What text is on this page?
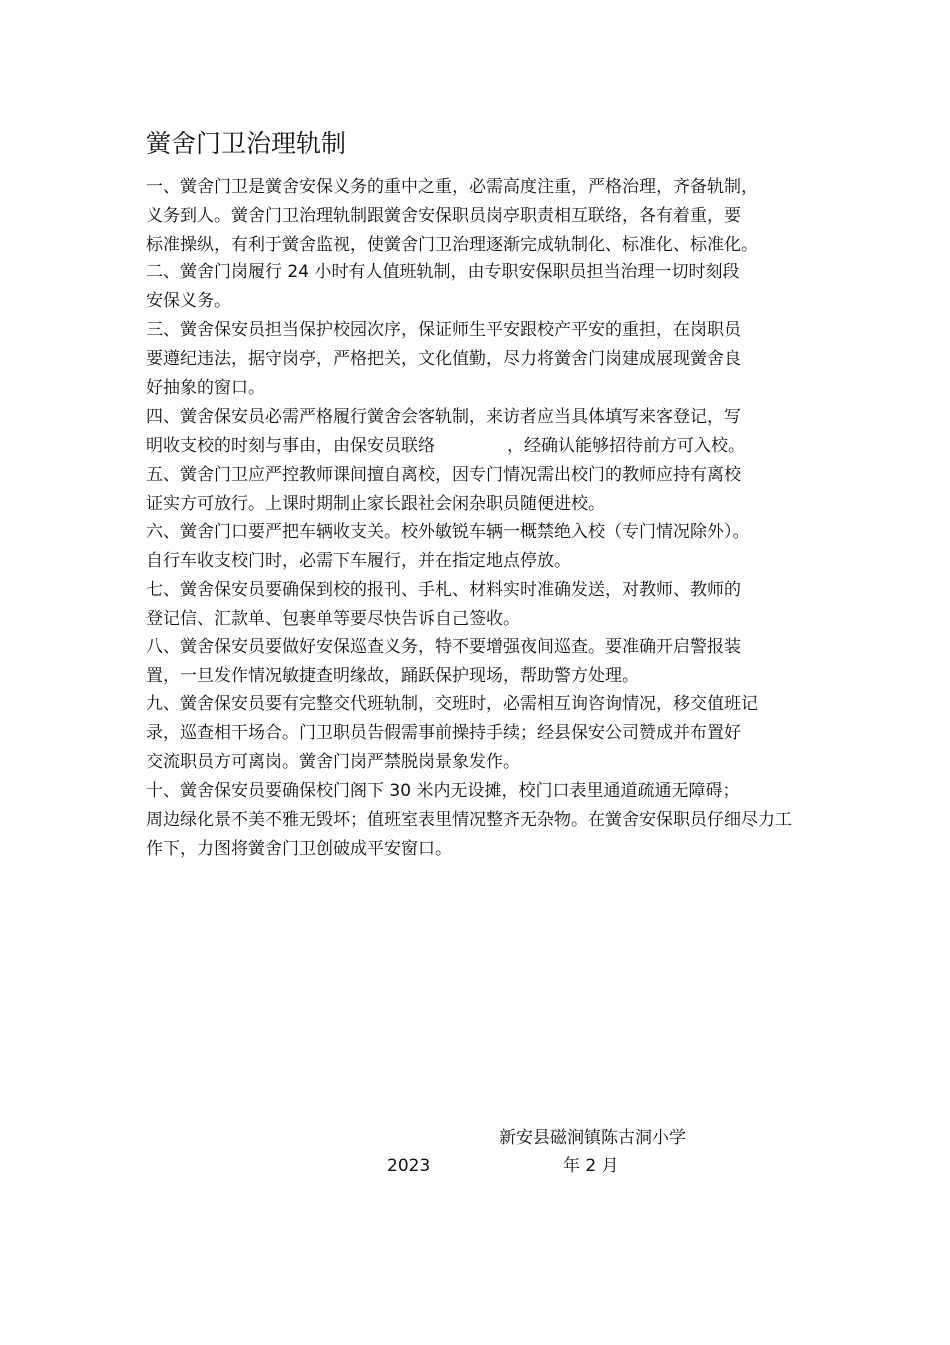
黉舍门卫治理轨制
一、黉舍门卫是黉舍安保义务的重中之重，必需高度注重，严格治理，齐备轨制，
义务到人。黉舍门卫治理轨制跟黉舍安保职员岗亭职责相互联络，各有着重，要
标准操纵，有利于黉舍监视，使黉舍门卫治理逐渐完成轨制化、标准化、标准化。
二、黉舍门岗履行 24 小时有人值班轨制，由专职安保职员担当治理一切时刻段
安保义务。
三、黉舍保安员担当保护校园次序，保证师生平安跟校产平安的重担，在岗职员
要遵纪违法，据守岗亭，严格把关，文化值勤，尽力将黉舍门岗建成展现黉舍良
好抽象的窗口。
四、黉舍保安员必需严格履行黉舍会客轨制，来访者应当具体填写来客登记，写
明收支校的时刻与事由，由保安员联络	，经确认能够招待前方可入校。
五、黉舍门卫应严控教师课间擅自离校，因专门情况需出校门的教师应持有离校
证实方可放行。上课时期制止家长跟社会闲杂职员随便进校。
六、黉舍门口要严把车辆收支关。校外敏锐车辆一概禁绝入校（专门情况除外）。
自行车收支校门时，必需下车履行，并在指定地点停放。
七、黉舍保安员要确保到校的报刊、手札、材料实时准确发送，对教师、教师的
登记信、汇款单、包裹单等要尽快告诉自己签收。
八、黉舍保安员要做好安保巡查义务，特不要增强夜间巡查。要准确开启警报装
置，一旦发作情况敏捷查明缘故，踊跃保护现场，帮助警方处理。
九、黉舍保安员要有完整交代班轨制，交班时，必需相互询咨询情况，移交值班记
录，巡查相干场合。门卫职员告假需事前操持手续；经县保安公司赞成并布置好
交流职员方可离岗。黉舍门岗严禁脱岗景象发作。
十、黉舍保安员要确保校门阁下 30 米内无设摊，校门口表里通道疏通无障碍；
周边绿化景不美不雅无毁坏；值班室表里情况整齐无杂物。在黉舍安保职员仔细尽力工
作下，力图将黉舍门卫创破成平安窗口。
新安县磁涧镇陈古洞小学
2023	年 2 月
